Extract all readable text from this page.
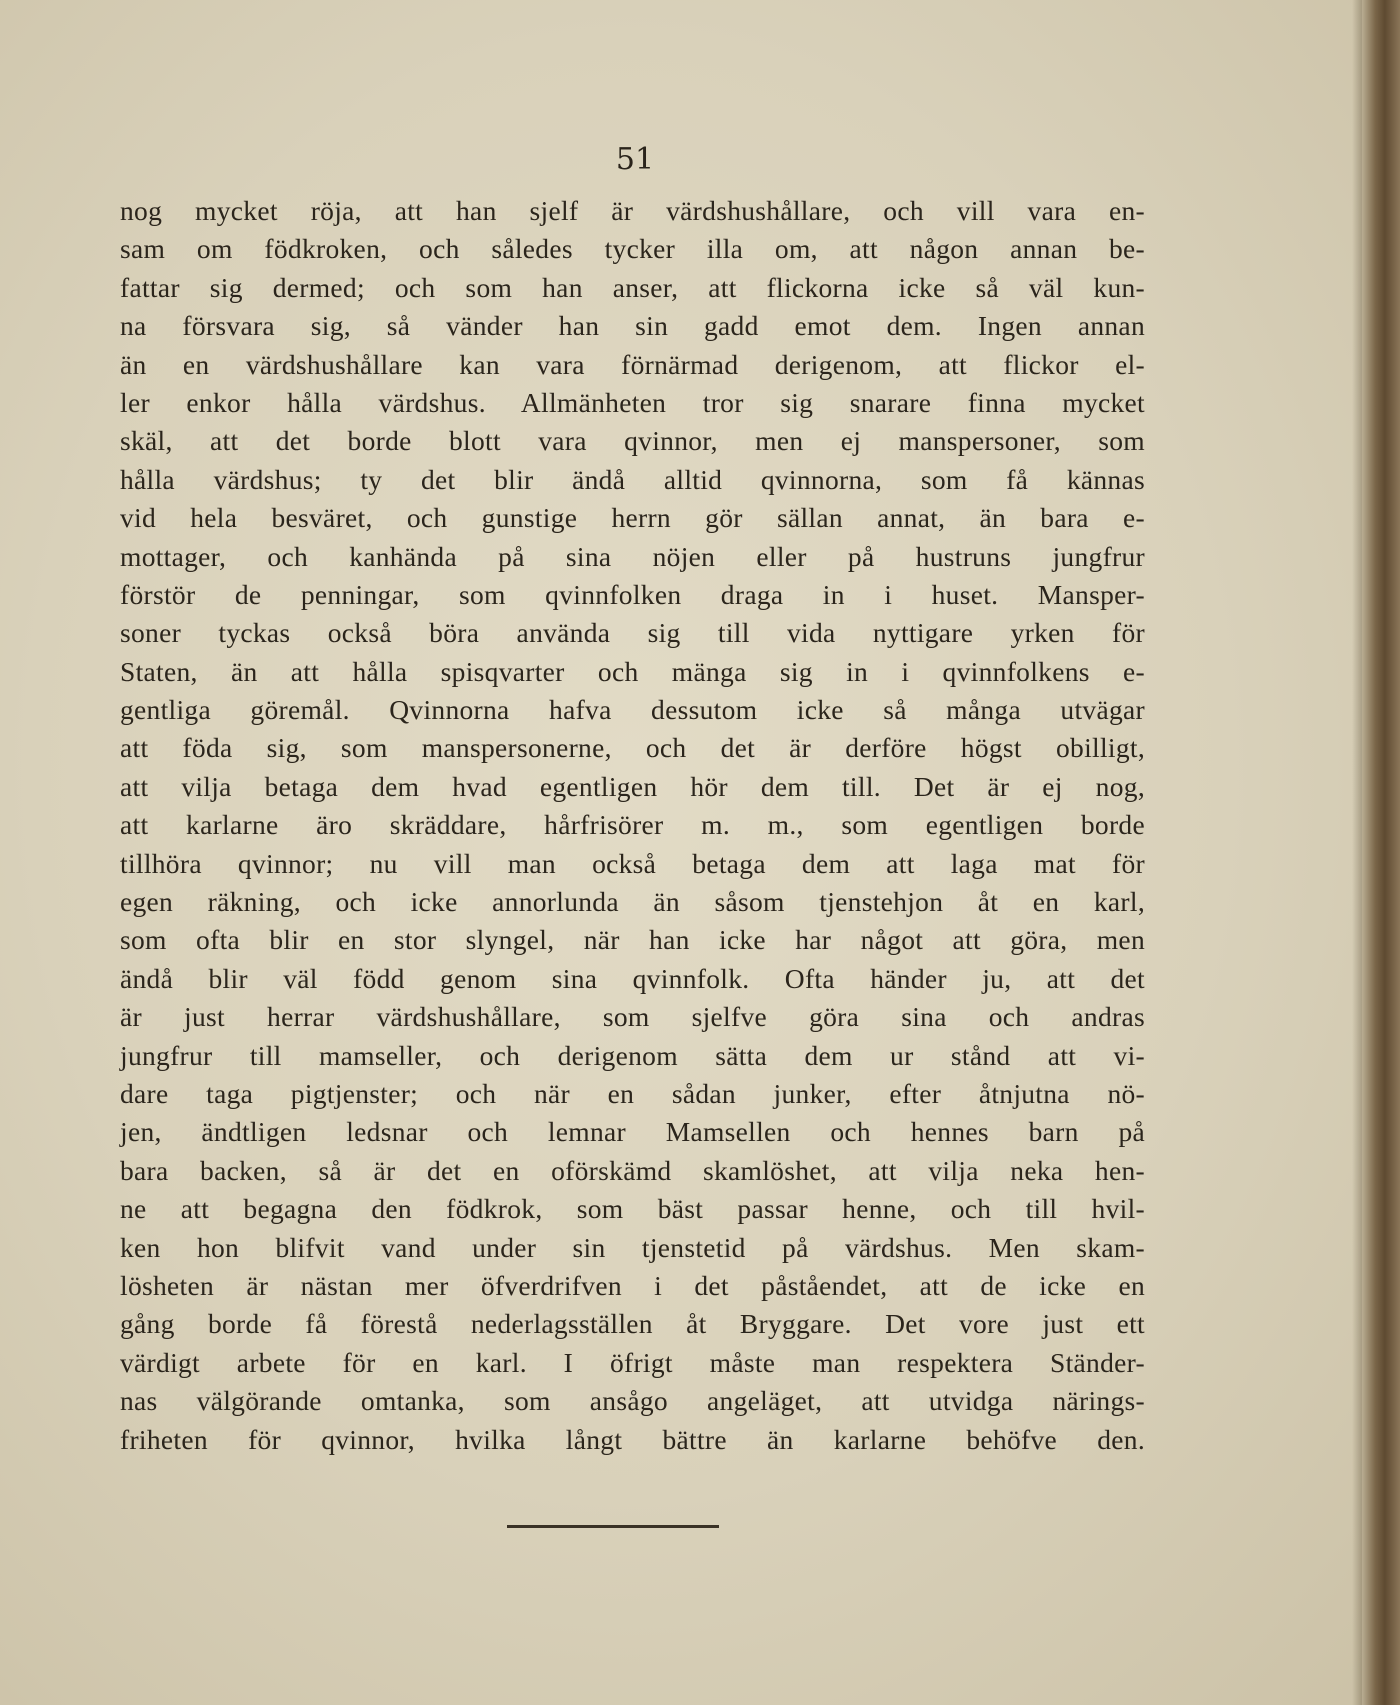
51
nog mycket röja, att han sjelf är värdshushållare, och vill vara en-
sam om födkroken, och således tycker illa om, att någon annan be-
fattar sig dermed; och som han anser, att flickorna icke så väl kun-
na försvara sig, så vänder han sin gadd emot dem. Ingen annan
än en värdshushållare kan vara förnärmad derigenom, att flickor el-
ler enkor hålla värdshus. Allmänheten tror sig snarare finna mycket
skäl, att det borde blott vara qvinnor, men ej manspersoner, som
hålla värdshus; ty det blir ändå alltid qvinnorna, som få kännas
vid hela besväret, och gunstige herrn gör sällan annat, än bara e-
mottager, och kanhända på sina nöjen eller på hustruns jungfrur
förstör de penningar, som qvinnfolken draga in i huset. Mansper-
soner tyckas också böra använda sig till vida nyttigare yrken för
Staten, än att hålla spisqvarter och mänga sig in i qvinnfolkens e-
gentliga göremål. Qvinnorna hafva dessutom icke så många utvägar
att föda sig, som manspersonerne, och det är derföre högst obilligt,
att vilja betaga dem hvad egentligen hör dem till. Det är ej nog,
att karlarne äro skräddare, hårfrisörer m. m., som egentligen borde
tillhöra qvinnor; nu vill man också betaga dem att laga mat för
egen räkning, och icke annorlunda än såsom tjenstehjon åt en karl,
som ofta blir en stor slyngel, när han icke har något att göra, men
ändå blir väl född genom sina qvinnfolk. Ofta händer ju, att det
är just herrar värdshushållare, som sjelfve göra sina och andras
jungfrur till mamseller, och derigenom sätta dem ur stånd att vi-
dare taga pigtjenster; och när en sådan junker, efter åtnjutna nö-
jen, ändtligen ledsnar och lemnar Mamsellen och hennes barn på
bara backen, så är det en oförskämd skamlöshet, att vilja neka hen-
ne att begagna den födkrok, som bäst passar henne, och till hvil-
ken hon blifvit vand under sin tjenstetid på värdshus. Men skam-
lösheten är nästan mer öfverdrifven i det påståendet, att de icke en
gång borde få förestå nederlagsställen åt Bryggare. Det vore just ett
värdigt arbete för en karl. I öfrigt måste man respektera Ständer-
nas välgörande omtanka, som ansågo angeläget, att utvidga närings-
friheten för qvinnor, hvilka långt bättre än karlarne behöfve den.
